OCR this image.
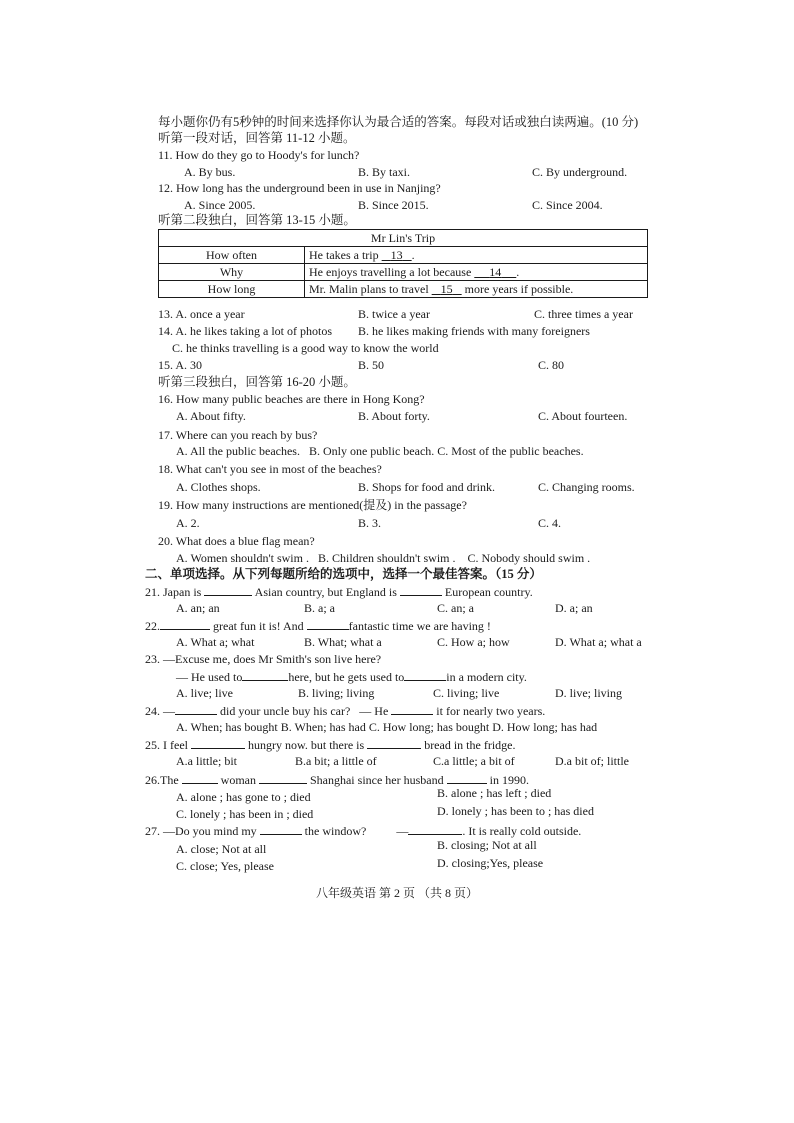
每小题你仍有5秒钟的时间来选择你认为最合适的答案。每段对话或独白读两遍。(10 分)
听第一段对话，回答第 11-12 小题。
11. How do they go to Hoody's for lunch?
A. By bus.	B. By taxi.	C. By underground.
12. How long has the underground been in use in Nanjing?
A. Since 2005.	B. Since 2015.	C. Since 2004.
听第二段独白，回答第 13-15 小题。
Mr Lin's Trip	
How often	He takes a trip 13 .
Why	He enjoys travelling a lot because 14 .
How long	Mr. Malin plans to travel 15 more years if possible.
13. A. once a year	B. twice a year	C. three times a year
14. A. he likes taking a lot of photos B. he likes making friends with many foreigners
C. he thinks travelling is a good way to know the world
15. A. 30	B. 50	C. 80
听第三段独白，回答第 16-20 小题。
16. How many public beaches are there in Hong Kong?
A. About fifty.	B. About forty.	C. About fourteen.
17. Where can you reach by bus?
A. All the public beaches.   B. Only one public beach. C. Most of the public beaches.
18. What can't you see in most of the beaches?
A. Clothes shops.	B. Shops for food and drink.	C. Changing rooms.
19. How many instructions are mentioned(提及) in the passage?
A. 2.	B. 3.	C. 4.
20. What does a blue flag mean?
A. Women shouldn't swim .   B. Children shouldn't swim .    C. Nobody should swim .
二、单项选择。从下列每题所给的选项中，选择一个最佳答案。（15 分）
21. Japan is	Asian country, but England is	European country.
A. an; an	B. a; a	C. an; a	D. a; an
22.	great fun it is! And	fantastic time we are having !
A. What a; what	B. What; what a	C. How a; how	D. What a; what a
23. —Excuse me, does Mr Smith's son live here?
— He used to	here, but he gets used to	in a modern city.
A. live; live	B. living; living	C. living; live	D. live; living
24. —	did your uncle buy his car? — He	it for nearly two years.
A. When; has bought B. When; has had C. How long; has bought D. How long; has had
25. I feel	hungry now. but there is	bread in the fridge.
A.a little; bit	B.a bit; a little of	C.a little; a bit of	D.a bit of; little
26.The	woman	Shanghai since her husband	in 1990.
A. alone ; has gone to ; died	B. alone ; has left ; died
C. lonely ; has been in ; died	D. lonely ; has been to ; has died
27. —Do you mind my	the window?	—	. It is really cold outside.
A. close; Not at all	B. closing; Not at all
C. close; Yes, please	D. closing;Yes, please
八年级英语 第 2 页 （共 8 页）
